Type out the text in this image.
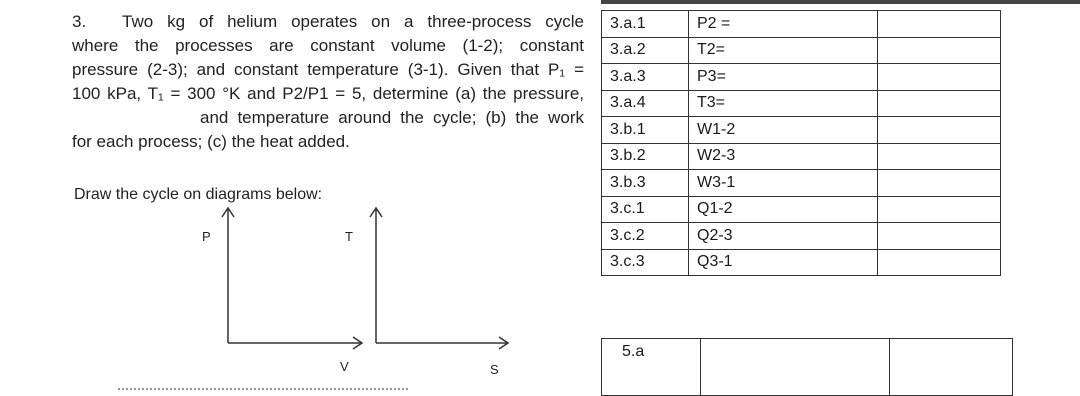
3.	Two kg of helium operates on a three-process cycle

where the processes are constant volume (1-2); constant

pressure (2-3); and constant temperature (3-1). Given that P₁ =

100 kPa, T₁ = 300 °K and P2/P1 = 5, determine (a) the pressure,

and temperature around the cycle; (b) the work

for each process; (c) the heat added.

Draw the cycle on diagrams below:
P
V
T
S
3.a.1	P2 =	
3.a.2	T2=	
3.a.3	P3=	
3.a.4	T3=	
3.b.1	W1-2	
3.b.2	W2-3	
3.b.3	W3-1	
3.c.1	Q1-2	
3.c.2	Q2-3	
3.c.3	Q3-1	
5.a		
